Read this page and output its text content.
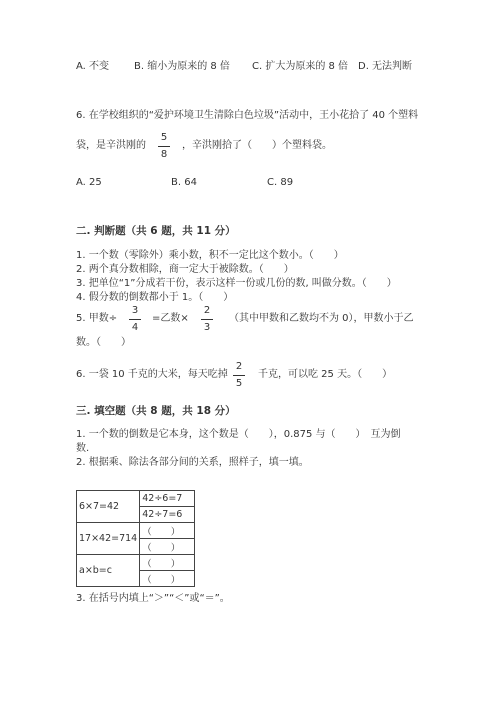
A. 不变 B. 缩小为原来的 8 倍 C. 扩大为原来的 8 倍 D. 无法判断
6. 在学校组织的“爱护环境卫生清除白色垃圾”活动中，王小花拾了 40 个塑料
袋，是辛洪刚的
5
8
，辛洪刚拾了（　　）个塑料袋。
A. 25	B. 64	C. 89
二. 判断题（共 6 题，共 11 分）
1. 一个数（零除外）乘小数，积不一定比这个数小。（　　）
2. 两个真分数相除，商一定大于被除数。（　　）
3. 把单位“1”分成若干份，表示这样一份或几份的数, 叫做分数。（　　）
4. 假分数的倒数都小于 1。（　　）
5. 甲数÷
3
4
=乙数×
2
3
（其中甲数和乙数均不为 0），甲数小于乙
数。（　　）
6. 一袋 10 千克的大米，每天吃掉
2
5
千克，可以吃 25 天。（　　）
三. 填空题（共 8 题，共 18 分）
1. 一个数的倒数是它本身，这个数是（　　），0.875 与（　　）　互为倒
数.
2. 根据乘、除法各部分间的关系，照样子，填一填。
6×7=42	42÷6=7
	42÷7=6
17×42=714	（　　）
	（　　）
a×b=c	（　　）
	（　　）
3. 在括号内填上“＞”“＜”或“＝”。
